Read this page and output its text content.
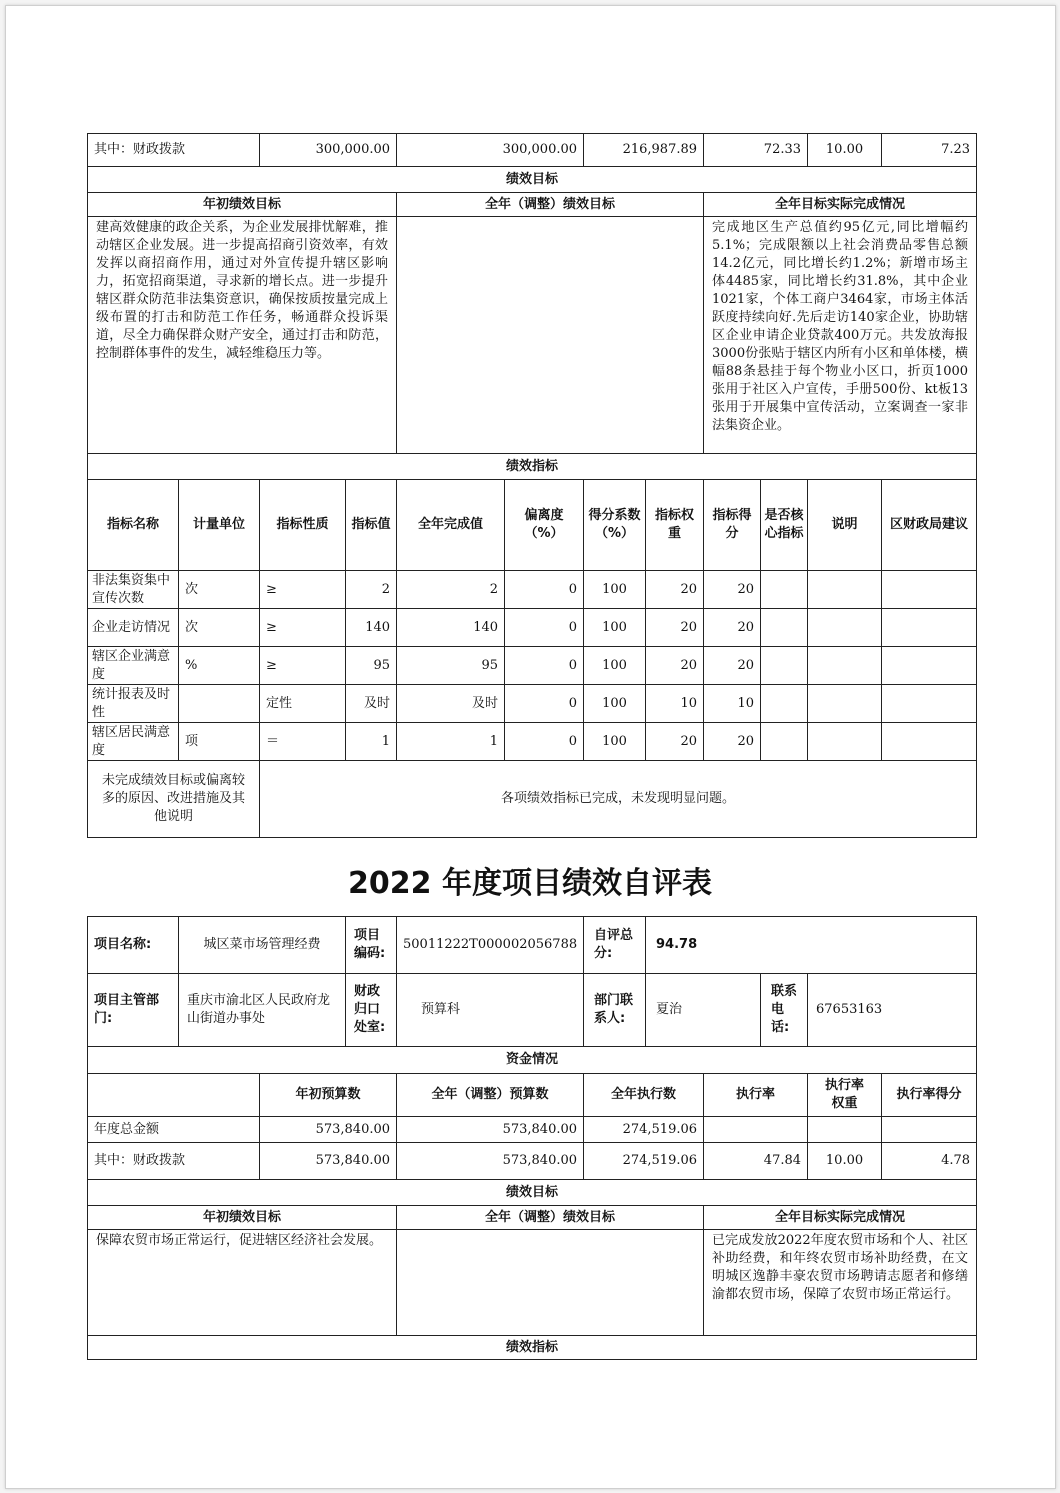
其中：财政拨款		300,000.00		300,000.00		216,987.89		72.33		10.00	7.23
绩效目标											
年初绩效目标				全年（调整）绩效目标				全年目标实际完成情况			
建高效健康的政企关系，为企业发展排忧解难，推动辖区企业发展。进一步提高招商引资效率，有效发挥以商招商作用，通过对外宣传提升辖区影响力，拓宽招商渠道，寻求新的增长点。进一步提升辖区群众防范非法集资意识，确保按质按量完成上级布置的打击和防范工作任务，畅通群众投诉渠道，尽全力确保群众财产安全，通过打击和防范，控制群体事件的发生，减轻维稳压力等。								完成地区生产总值约95亿元,同比增幅约5.1%；完成限额以上社会消费品零售总额14.2亿元，同比增长约1.2%；新增市场主体4485家，同比增长约31.8%，其中企业1021家，个体工商户3464家，市场主体活跃度持续向好.先后走访140家企业，协助辖区企业申请企业贷款400万元。共发放海报3000份张贴于辖区内所有小区和单体楼，横幅88条悬挂于每个物业小区口，折页1000张用于社区入户宣传，手册500份、kt板13张用于开展集中宣传活动，立案调查一家非法集资企业。			
绩效指标											
指标名称	计量单位	指标性质	指标值	全年完成值	偏离度（%）	得分系数（%）	指标权重	指标得分	是否核心指标	说明	区财政局建议
非法集资集中宣传次数	次	≥	2	2	0	100	20	20			
企业走访情况	次	≥	140	140	0	100	20	20			
辖区企业满意度	%	≥	95	95	0	100	20	20			
统计报表及时性		定性	及时	及时	0	100	10	10			
辖区居民满意度	项	＝	1	1	0	100	20	20			
未完成绩效目标或偏离较多的原因、改进措施及其他说明		各项绩效指标已完成，未发现明显问题。									
2022 年度项目绩效自评表
项目名称:	城区菜市场管理经费		项目编码:	50011222T000002056788	自评总分:	94.78				
项目主管部门:	重庆市渝北区人民政府龙山街道办事处		财政归口处室:	预算科	部门联系人:	夏治		联系电话:	67653163	
资金情况										
		年初预算数		全年（调整）预算数	全年执行数		执行率		执行率权重	执行率得分
年度总金额		573,840.00		573,840.00	274,519.06					
其中：财政拨款		573,840.00		573,840.00	274,519.06		47.84		10.00	4.78
绩效目标										
年初绩效目标				全年（调整）绩效目标			全年目标实际完成情况			
保障农贸市场正常运行，促进辖区经济社会发展。							已完成发放2022年度农贸市场和个人、社区补助经费，和年终农贸市场补助经费，在文明城区逸静丰豪农贸市场聘请志愿者和修缮渝都农贸市场，保障了农贸市场正常运行。			
绩效指标										
